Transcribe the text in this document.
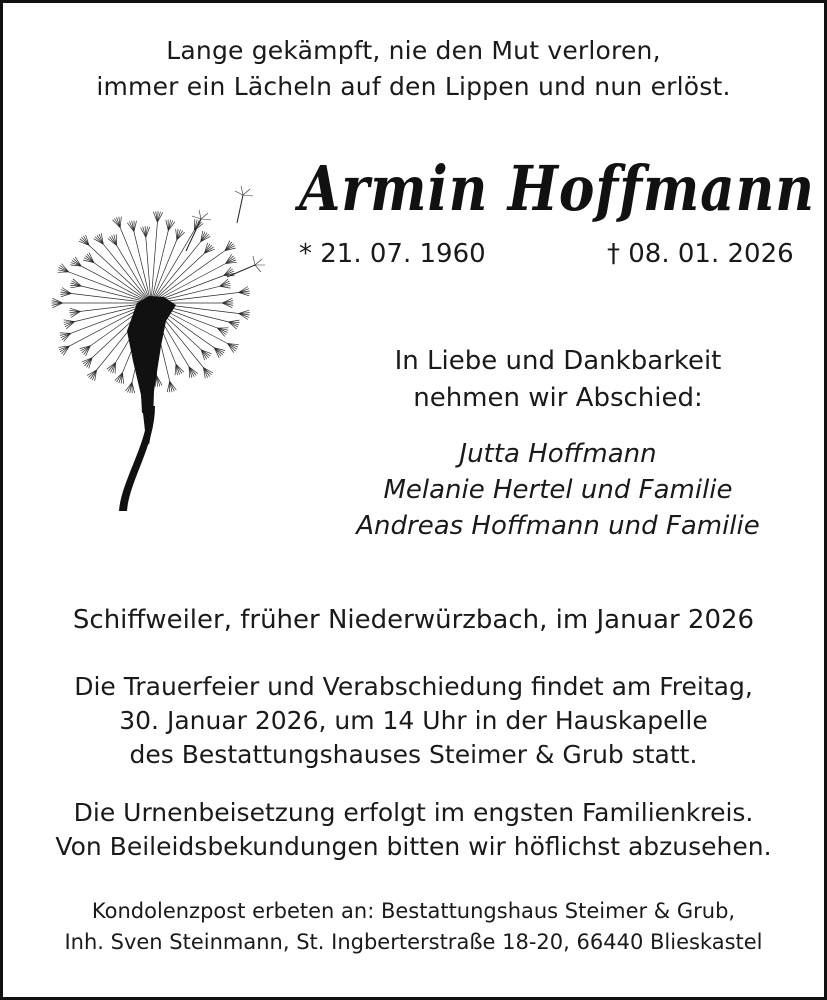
Lange gekämpft, nie den Mut verloren,
immer ein Lächeln auf den Lippen und nun erlöst.
Armin Hoffmann
* 21. 07. 1960	† 08. 01. 2026
In Liebe und Dankbarkeit
nehmen wir Abschied:
Jutta Hoffmann
Melanie Hertel und Familie
Andreas Hoffmann und Familie
Schiffweiler, früher Niederwürzbach, im Januar 2026
Die Trauerfeier und Verabschiedung findet am Freitag,
30. Januar 2026, um 14 Uhr in der Hauskapelle
des Bestattungshauses Steimer & Grub statt.
Die Urnenbeisetzung erfolgt im engsten Familienkreis.
Von Beileidsbekundungen bitten wir höflichst abzusehen.
Kondolenzpost erbeten an: Bestattungshaus Steimer & Grub,
Inh. Sven Steinmann, St. Ingberterstraße 18-20, 66440 Blieskastel
